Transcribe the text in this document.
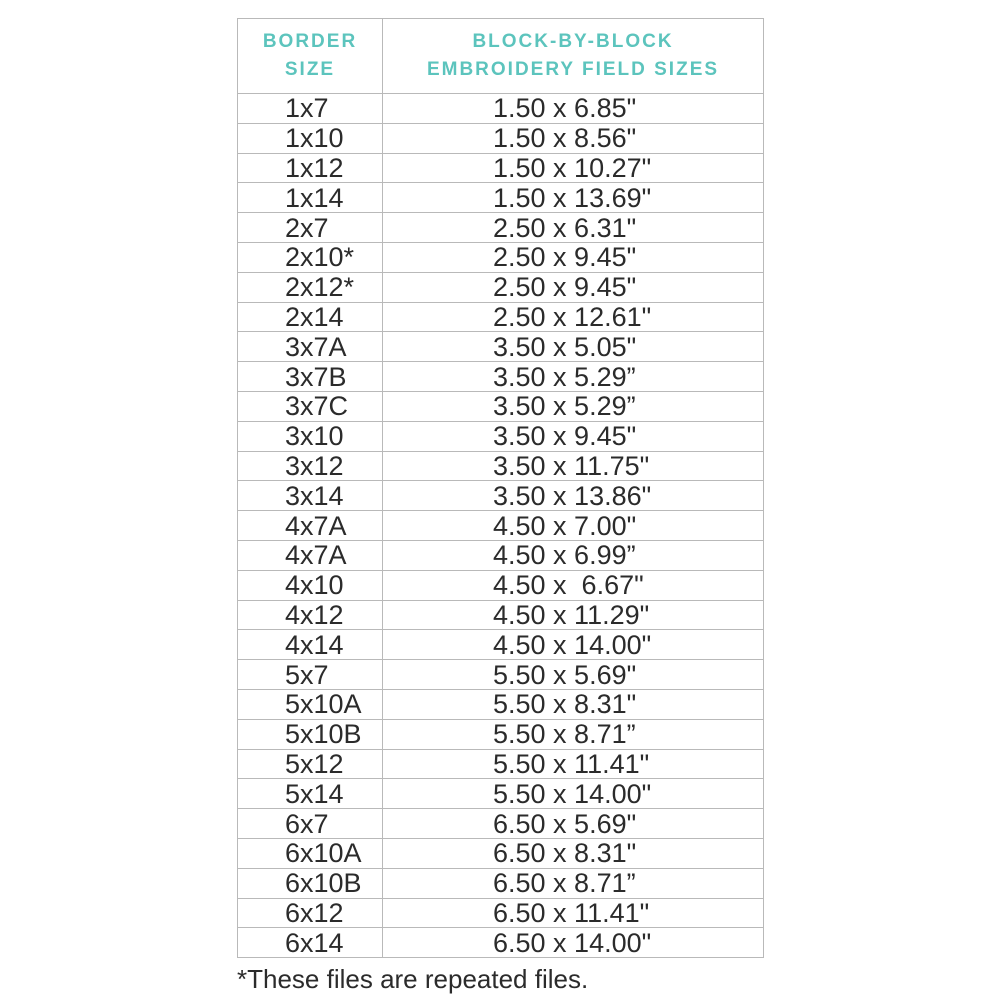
BORDER
SIZE	BLOCK-BY-BLOCK
EMBROIDERY FIELD SIZES

1x7	1.50 x 6.85"
1x10	1.50 x 8.56"
1x12	1.50 x 10.27"
1x14	1.50 x 13.69"
2x7	2.50 x 6.31"
2x10*	2.50 x 9.45"
2x12*	2.50 x 9.45"
2x14	2.50 x 12.61"
3x7A	3.50 x 5.05"
3x7B	3.50 x 5.29”
3x7C	3.50 x 5.29”
3x10	3.50 x 9.45"
3x12	3.50 x 11.75"
3x14	3.50 x 13.86"
4x7A	4.50 x 7.00"
4x7A	4.50 x 6.99”
4x10	4.50 x  6.67"
4x12	4.50 x 11.29"
4x14	4.50 x 14.00"
5x7	5.50 x 5.69"
5x10A	5.50 x 8.31"
5x10B	5.50 x 8.71”
5x12	5.50 x 11.41"
5x14	5.50 x 14.00"
6x7	6.50 x 5.69"
6x10A	6.50 x 8.31"
6x10B	6.50 x 8.71”
6x12	6.50 x 11.41"
6x14	6.50 x 14.00"
*These files are repeated files.
